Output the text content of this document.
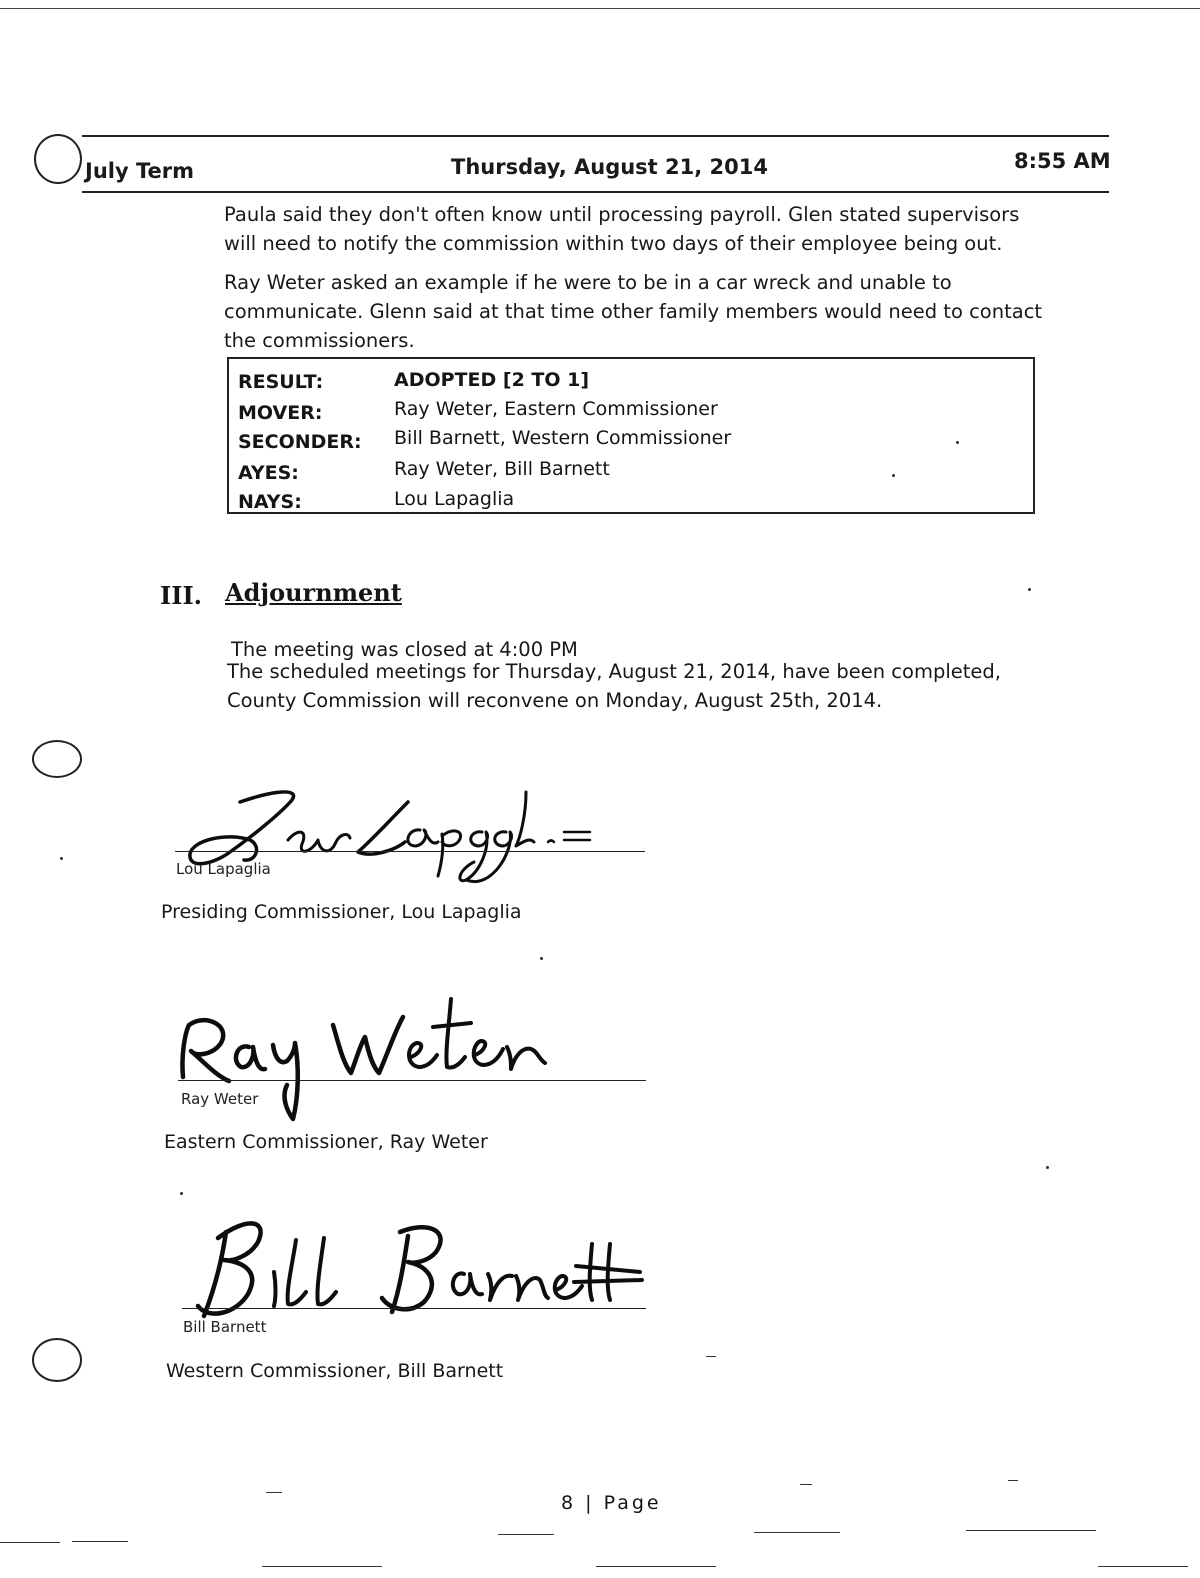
July Term	Thursday, August 21, 2014	8:55 AM
Paula said they don't often know until processing payroll. Glen stated supervisors will need to notify the commission within two days of their employee being out.
Ray Weter asked an example if he were to be in a car wreck and unable to communicate. Glenn said at that time other family members would need to contact the commissioners.
RESULT:	ADOPTED [2 TO 1]
MOVER:	Ray Weter, Eastern Commissioner
SECONDER: Bill Barnett, Western Commissioner
AYES:	Ray Weter, Bill Barnett
NAYS:	Lou Lapaglia
III. Adjournment
The meeting was closed at 4:00 PM
The scheduled meetings for Thursday, August 21, 2014, have been completed, County Commission will reconvene on Monday, August 25th, 2014.
Lou Lapaglia
Presiding Commissioner, Lou Lapaglia
Ray Weter
Eastern Commissioner, Ray Weter
Bill Barnett
Western Commissioner, Bill Barnett
8 | Page
